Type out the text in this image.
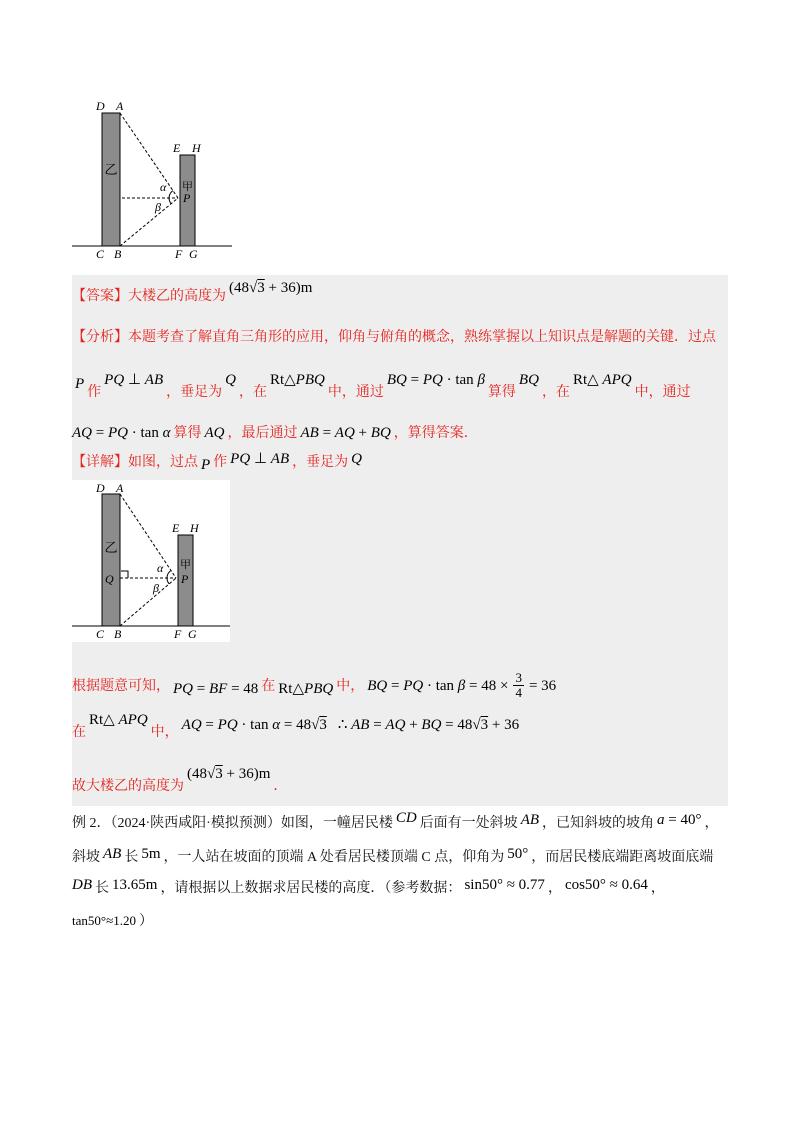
D A
E H
C B	F G
乙
甲
P
α
β
【答案】大楼乙的高度为(48√3 + 36)m
【分析】本题考查了解直角三角形的应用，仰角与俯角的概念，熟练掌握以上知识点是解题的关键．过点
P作PQ ⊥ AB，垂足为Q，在Rt△PBQ中，通过BQ = PQ · tan β算得BQ，在Rt△ APQ中，通过
AQ = PQ · tan α 算得 AQ ，最后通过 AB = AQ + BQ ，算得答案．
【详解】如图，过点 P 作 PQ ⊥ AB ，垂足为 Q
D A
E H
C B	F G
乙
Q
甲
P
α
β
根据题意可知， PQ = BF = 48 在 Rt△PBQ 中， BQ = PQ · $\tan \beta = 48 \times \frac{3}{4} = 36$
在Rt△ APQ中， AQ = PQ · tan α = 48√3 ∴ AB = AQ + BQ = 48√3 + 36
故大楼乙的高度为(48√3 + 36)m．
例 2．（2024·陕西咸阳·模拟预测）如图，一幢居民楼 CD 后面有一处斜坡 AB ，已知斜坡的坡角 a = 40° ，
斜坡 AB 长 5m ，一人站在坡面的顶端 A 处看居民楼顶端 C 点，仰角为 50° ，而居民楼底端距离坡面底端
DB 长 13.65m ，请根据以上数据求居民楼的高度．（参考数据： sin50° ≈ 0.77 ， cos50° ≈ 0.64 ，
tan50°≈1.20 ）
